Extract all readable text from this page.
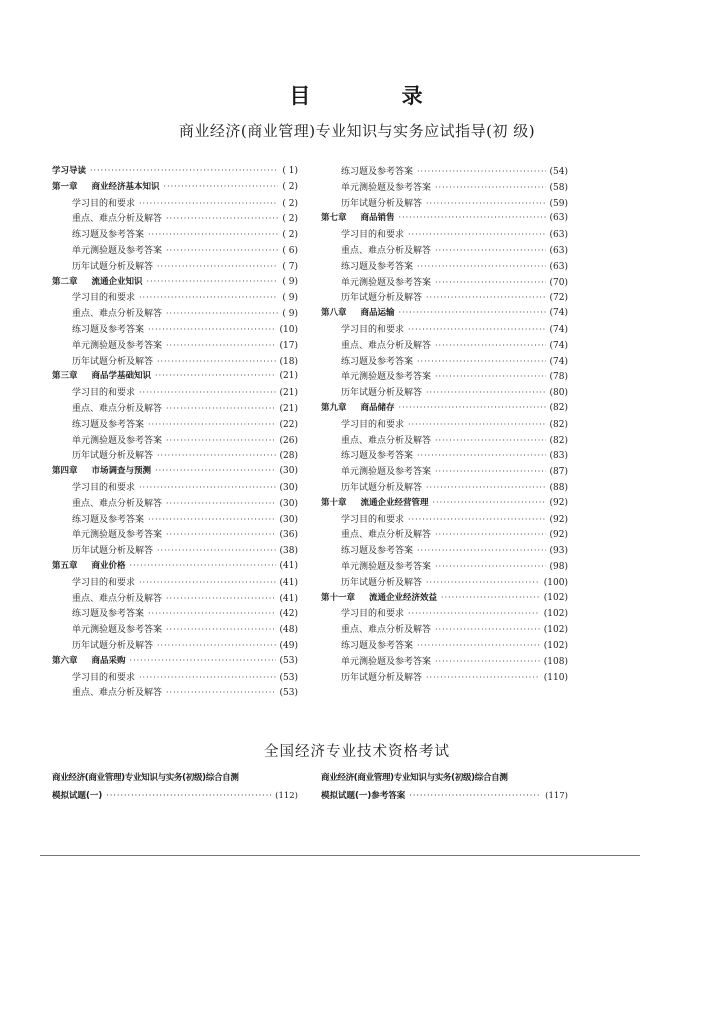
目 录
商业经济(商业管理)专业知识与实务应试指导(初 级)
学习导读 ·····	( 1)
第一章 商业经济基本知识 ·····	( 2)
学习目的和要求 ·····	( 2)
重点、难点分析及解答 ·····	( 2)
练习题及参考答案 ·····	( 2)
单元测验题及参考答案 ·····	( 6)
历年试题分析及解答 ·····	( 7)
第二章 流通企业知识 ·····	( 9)
学习目的和要求 ·····	( 9)
重点、难点分析及解答 ·····	( 9)
练习题及参考答案 ·····	(10)
单元测验题及参考答案 ·····	(17)
历年试题分析及解答 ·····	(18)
第三章 商品学基础知识 ·····	(21)
学习目的和要求 ·····	(21)
重点、难点分析及解答 ·····	(21)
练习题及参考答案 ·····	(22)
单元测验题及参考答案 ·····	(26)
历年试题分析及解答 ·····	(28)
第四章 市场调查与预测 ·····	(30)
学习目的和要求 ·····	(30)
重点、难点分析及解答 ·····	(30)
练习题及参考答案 ·····	(30)
单元测验题及参考答案 ·····	(36)
历年试题分析及解答 ·····	(38)
第五章 商业价格 ·····	(41)
学习目的和要求 ·····	(41)
重点、难点分析及解答 ·····	(41)
练习题及参考答案 ·····	(42)
单元测验题及参考答案 ·····	(48)
历年试题分析及解答 ·····	(49)
第六章 商品采购 ·····	(53)
学习目的和要求 ·····	(53)
重点、难点分析及解答 ·····	(53)
练习题及参考答案 ·····	(54)
单元测验题及参考答案 ·····	(58)
历年试题分析及解答 ·····	(59)
第七章 商品销售 ·····	(63)
学习目的和要求 ·····	(63)
重点、难点分析及解答 ·····	(63)
练习题及参考答案 ·····	(63)
单元测验题及参考答案 ·····	(70)
历年试题分析及解答 ·····	(72)
第八章 商品运输 ·····	(74)
学习目的和要求 ·····	(74)
重点、难点分析及解答 ·····	(74)
练习题及参考答案 ·····	(74)
单元测验题及参考答案 ·····	(78)
历年试题分析及解答 ·····	(80)
第九章 商品储存 ·····	(82)
学习目的和要求 ·····	(82)
重点、难点分析及解答 ·····	(82)
练习题及参考答案 ·····	(83)
单元测验题及参考答案 ·····	(87)
历年试题分析及解答 ·····	(88)
第十章 流通企业经营管理 ·····	(92)
学习目的和要求 ·····	(92)
重点、难点分析及解答 ·····	(92)
练习题及参考答案 ·····	(93)
单元测验题及参考答案 ·····	(98)
历年试题分析及解答 ·····	(100)
第十一章 流通企业经济效益 ·····	(102)
学习目的和要求 ·····	(102)
重点、难点分析及解答 ·····	(102)
练习题及参考答案 ·····	(102)
单元测验题及参考答案 ·····	(108)
历年试题分析及解答 ·····	(110)
全国经济专业技术资格考试
商业经济(商业管理)专业知识与实务(初级)综合自测
模拟试题(一) ·····	(112)
商业经济(商业管理)专业知识与实务(初级)综合自测
模拟试题(一)参考答案 ·····	(117)
